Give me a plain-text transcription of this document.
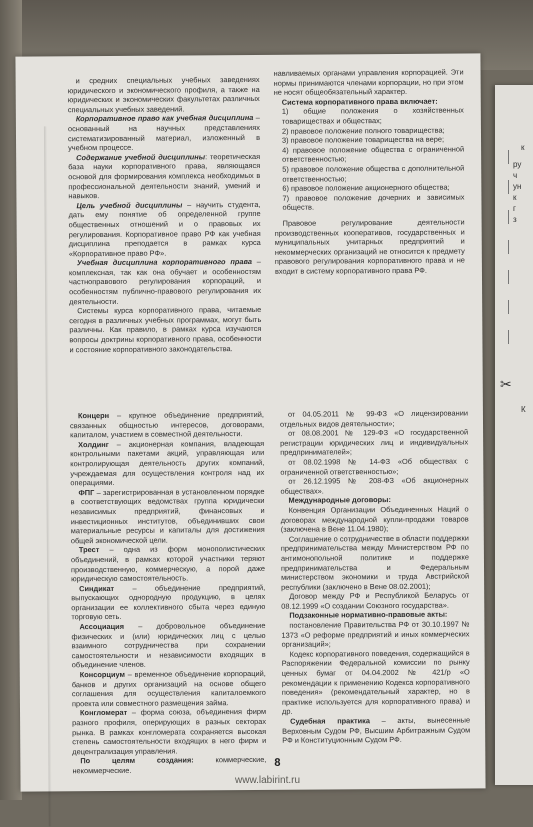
к
ру
ч
ун
к
г
з
К
✂

и средних специальных учебных заведениях юридического и экономического профиля, а также на юридических и экономических факультетах различных специальных учебных заведений.

Корпоративное право как учебная дисциплина – основанный на научных представлениях систематизированный материал, изложенный в учебном процессе.

Содержание учебной дисциплины: теоретическая база науки корпоративного права, являющаяся основой для формирования комплекса необходимых в профессиональной деятельности знаний, умений и навыков.

Цель учебной дисциплины – научить студента, дать ему понятие об определенной группе общественных отношений и о правовых их регулирования. Корпоративное право РФ как учебная дисциплина преподается в рамках курса «Корпоративное право РФ».

Учебная дисциплина корпоративного права – комплексная, так как она обучает и особенностям частноправового регулирования корпораций, и особенностям публично-правового регулирования их деятельности.

Системы курса корпоративного права, читаемые сегодня в различных учебных программах, могут быть различны. Как правило, в рамках курса изучаются вопросы доктрины корпоративного права, особенности и состояние корпоративного законодательства.

навливаемых органами управления корпорацией. Эти нормы принимаются членами корпорации, но при этом не носят общеобязательный характер.

Система корпоративного права включает:

1) общие положения о хозяйственных товариществах и обществах;
2) правовое положение полного товарищества;
3) правовое положение товарищества на вере;
4) правовое положение общества с ограниченной ответственностью;
5) правовое положение общества с дополнительной ответственностью;
6) правовое положение акционерного общества;
7) правовое положение дочерних и зависимых обществ.

Правовое регулирование деятельности производственных кооперативов, государственных и муниципальных унитарных предприятий и некоммерческих организаций не относится к предмету правового регулирования корпоративного права и не входит в систему корпоративного права РФ.

Концерн – крупное объединение предприятий, связанных общностью интересов, договорами, капиталом, участием в совместной деятельности.

Холдинг – акционерная компания, владеющая контрольными пакетами акций, управляющая или контролирующая деятельность других компаний, учреждаемая для осуществления контроля над их операциями.

ФПГ – зарегистрированная в установленном порядке в соответствующих ведомствах группа юридически независимых предприятий, финансовых и инвестиционных институтов, объединивших свои материальные ресурсы и капиталы для достижения общей экономической цели.

Трест – одна из форм монополистических объединений, в рамках которой участники теряют производственную, коммерческую, а порой даже юридическую самостоятельность.

Синдикат – объединение предприятий, выпускающих однородную продукцию, в целях организации ее коллективного сбыта через единую торговую сеть.

Ассоциация – добровольное объединение физических и (или) юридических лиц с целью взаимного сотрудничества при сохранении самостоятельности и независимости входящих в объединение членов.

Консорциум – временное объединение корпораций, банков и других организаций на основе общего соглашения для осуществления капиталоемкого проекта или совместного размещения займа.

Конгломерат – форма союза, объединения фирм разного профиля, оперирующих в разных секторах рынка. В рамках конгломерата сохраняется высокая степень самостоятельности входящих в него фирм и децентрализация управления.

По целям создания: коммерческие, некоммерческие.

от 04.05.2011 № 99-ФЗ «О лицензировании отдельных видов деятельности»;

от 08.08.2001 № 129-ФЗ «О государственной регистрации юридических лиц и индивидуальных предпринимателей»;

от 08.02.1998 № 14-ФЗ «Об обществах с ограниченной ответственностью»;

от 26.12.1995 № 208-ФЗ «Об акционерных обществах».

Международные договоры:

Конвенция Организации Объединенных Наций о договорах международной купли-продажи товаров (заключена в Вене 11.04.1980);

Соглашение о сотрудничестве в области поддержки предпринимательства между Министерством РФ по антимонопольной политике и поддержке предпринимательства и Федеральным министерством экономики и труда Австрийской республики (заключено в Вене 08.02.2001);

Договор между РФ и Республикой Беларусь от 08.12.1999 «О создании Союзного государства».

Подзаконные нормативно-правовые акты:

постановление Правительства РФ от 30.10.1997 № 1373 «О реформе предприятий и иных коммерческих организаций»;

Кодекс корпоративного поведения, содержащийся в Распоряжении Федеральной комиссии по рынку ценных бумаг от 04.04.2002 № 421/р «О рекомендации к применению Кодекса корпоративного поведения» (рекомендательный характер, но в практике используется для корпоративного права) и др.

Судебная практика – акты, вынесенные Верховным Судом РФ, Высшим Арбитражным Судом РФ и Конституционным Судом РФ.

8
www.labirint.ru
